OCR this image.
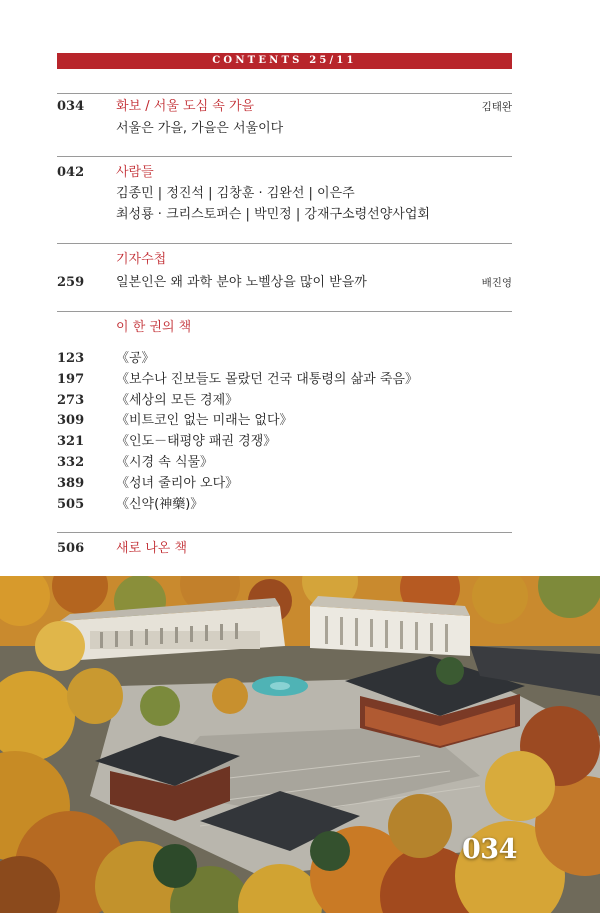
CONTENTS 25/11
034 화보 / 서울 도심 속 가을	김태완
서울은 가을, 가을은 서울이다
042 사람들
김종민 | 정진석 | 김창훈 · 김완선 | 이은주
최성룡 · 크리스토퍼슨 | 박민정 | 강재구소령선양사업회
기자수첩
259 일본인은 왜 과학 분야 노벨상을 많이 받을까	배진영
이 한 권의 책
123 《공》
197 《보수나 진보들도 몰랐던 건국 대통령의 삶과 죽음》
273 《세상의 모든 경제》
309 《비트코인 없는 미래는 없다》
321 《인도－태평양 패권 경쟁》
332 《시경 속 식물》
389 《성녀 줄리아 오다》
505 《신약(神藥)》
506 새로 나온 책
034
